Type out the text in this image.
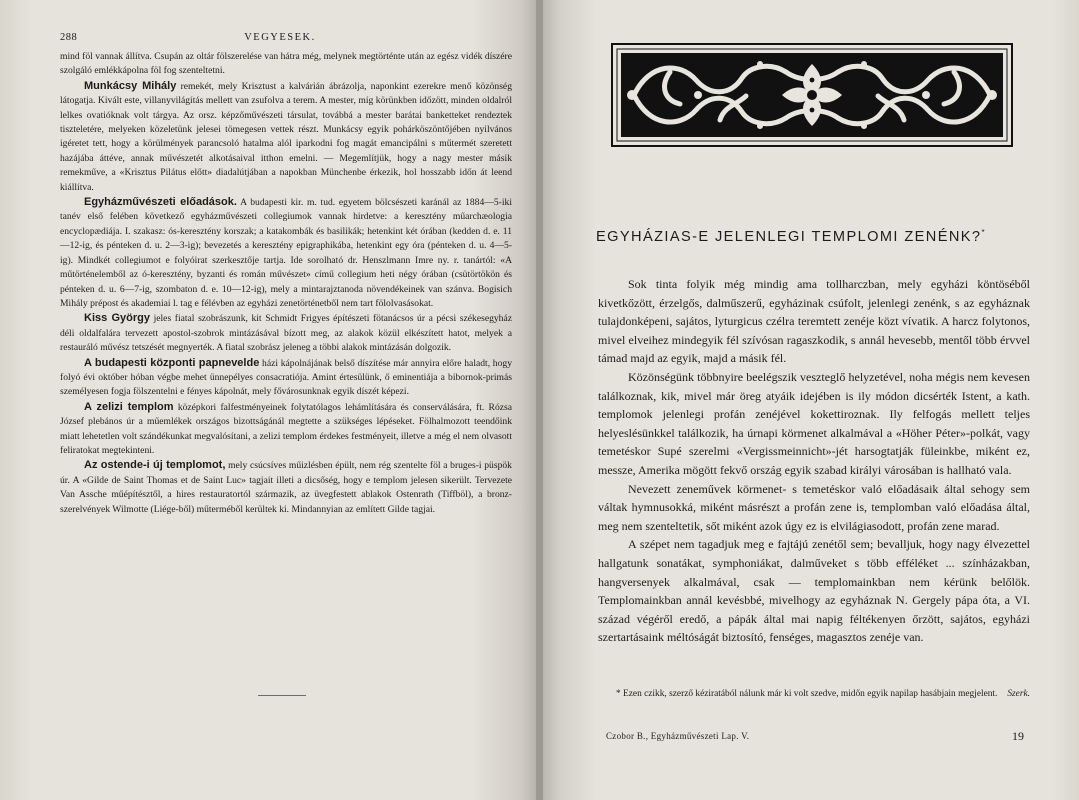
288	VEGYESEK.

mind föl vannak állítva. Csupán az oltár fölszerelése van hátra még, melynek megtörténte után az egész vidék díszére szolgáló emlékkápolna föl fog szenteltetni.

Munkácsy Mihály remekét, mely Krisztust a kalvárián ábrázolja, naponkint ezerekre menő közönség látogatja. Kivált este, villanyvilágítás mellett van zsufolva a terem. A mester, míg körünkben időzött, minden oldalról lelkes ovatióknak volt tárgya. Az orsz. képzőművészeti társulat, továbbá a mester barátai banketteket rendeztek tiszteletére, melyeken közeletünk jelesei tömegesen vettek részt. Munkácsy egyik pohárköszöntőjében nyilvános igéretet tett, hogy a körülmények parancsoló hatalma alól iparkodni fog magát emancipálni s műtermét szeretett hazájába áttéve, annak művészetét alkotásaival itthon emelni. — Megemlítjük, hogy a nagy mester másik remekműve, a «Krisztus Pilátus előtt» diadalútjában a napokban Münchenbe érkezik, hol hosszabb időn át leend kiállítva.

Egyházművészeti előadások. A budapesti kir. m. tud. egyetem bölcsészeti karánál az 1884—5-iki tanév első felében következő egyházművészeti collegiumok vannak hirdetve: a keresztény műarchæologia encyclopædiája. I. szakasz: ós-keresztény korszak; a katakombák és basilikák; hetenkint két órában (kedden d. e. 11—12-ig, és pénteken d. u. 2—3-ig); bevezetés a keresztény epigraphikába, hetenkint egy óra (pénteken d. u. 4—5-ig). Mindkét collegiumot e folyóirat szerkesztője tartja. Ide sorolható dr. Henszlmann Imre ny. r. tanártól: «A műtörténelemből az ó-keresztény, byzanti és román művészet» című collegium heti négy órában (csütörtökön és pénteken d. u. 6—7-ig, szombaton d. e. 10—12-ig), mely a mintarajztanoda növendékeinek van szánva. Bogisich Mihály prépost és akademiai l. tag e félévben az egyházi zenetörténetből nem tart fölolvasásokat.

Kiss György jeles fiatal szobrászunk, kit Schmidt Frigyes építészeti fötanácsos úr a pécsi székesegyház déli oldalfalára tervezett apostol-szobrok mintázásával bízott meg, az alakok közül elkészített hatot, melyek a restauráló művész tetszését megnyerték. A fiatal szobrász jeleneg a többi alakok mintázásán dolgozik.

A budapesti központi papnevelde házi kápolnájának belső díszítése már annyira előre haladt, hogy folyó évi október hóban végbe mehet ünnepélyes consacratiója. Amint értesülünk, ő eminentiája a bibornok-primás személyesen fogja fölszentelni e fényes kápolnát, mely fővárosunknak egyik díszét képezi.

A zelizi templom középkori falfestményeinek folytatólagos lehámlítására és conserválására, ft. Rózsa József plebános úr a műemlékek országos bizottságánál megtette a szükséges lépéseket. Fölhalmozott teendőink miatt lehetetlen volt szándékunkat megvalósítani, a zelizi templom érdekes festményeit, illetve a még el nem olvasott feliratokat megtekinteni.

Az ostende-i új templomot, mely csúcsíves műizlésben épült, nem rég szentelte föl a bruges-i püspök úr. A «Gilde de Saint Thomas et de Saint Luc» tagjait illeti a dicsőség, hogy e templom jelesen sikerült. Tervezete Van Assche műépítésztől, a hires restauratortól származik, az üvegfestett ablakok Ostenrath (Tiffböl), a bronz-szerelvények Wilmotte (Liége-ből) műterméből kerültek ki. Mindannyian az említett Gilde tagjai.

EGYHÁZIAS-E JELENLEGI TEMPLOMI ZENÉNK?*

Sok tinta folyik még mindig ama tollharczban, mely egyházi köntöséből kivetkőzött, érzelgős, dalműszerű, egyházinak csúfolt, jelenlegi zenénk, s az egyháznak tulajdonképeni, sajátos, lyturgicus czélra teremtett zenéje közt vívatik. A harcz folytonos, mivel elveihez mindegyik fél szívósan ragaszkodik, s annál hevesebb, mentől több érvvel támad majd az egyik, majd a másik fél.

Közönségünk többnyire beelégszik veszteglő helyzetével, noha mégis nem kevesen találkoznak, kik, mivel már öreg atyáik idejében is ily módon dicsérték Istent, a kath. templomok jelenlegi profán zenéjével kokettiroznak. Ily felfogás mellett teljes helyeslésünkkel találkozik, ha úrnapi körmenet alkalmával a «Höher Péter»-polkát, vagy temetéskor Supé szerelmi «Vergissmeinnicht»-jét harsogtatják füleinkbe, miként ez, messze, Amerika mögött fekvő ország egyik szabad királyi városában is hallható vala.

Nevezett zeneművek körmenet- s temetéskor való előadásaik által sehogy sem váltak hymnusokká, miként másrészt a profán zene is, templomban való előadása által, meg nem szenteltetik, sőt miként azok úgy ez is elvilágiasodott, profán zene marad.

A szépet nem tagadjuk meg e fajtájú zenétől sem; bevalljuk, hogy nagy élvezettel hallgatunk sonatákat, symphoniákat, dalműveket s több efféléket ... színházakban, hangversenyek alkalmával, csak — templomainkban nem kérünk belőlök. Templomainkban annál kevésbbé, mivelhogy az egyháznak N. Gergely pápa óta, a VI. század végéről eredő, a pápák által mai napig féltékenyen őrzött, sajátos, egyházi szertartásaink méltóságát biztosító, fenséges, magasztos zenéje van.

* Ezen czikk, szerző kéziratából nálunk már ki volt szedve, midőn egyik napilap hasábjain megjelent.	Szerk.

Czobor B., Egyházművészeti Lap. V.	19
